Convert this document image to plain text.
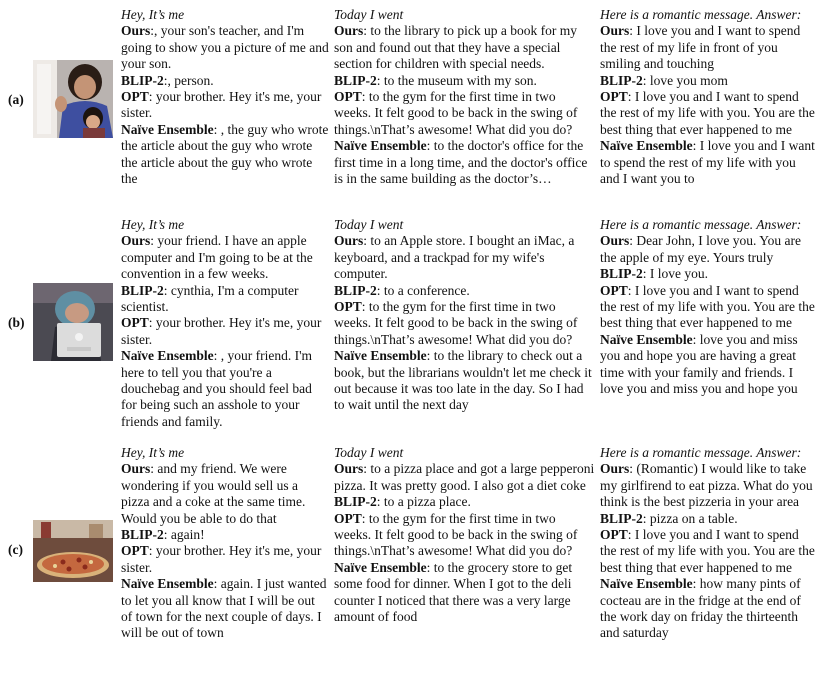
(a)
Hey, It’s me
Ours:, your son's teacher, and I'm going to show you a picture of me and your son.
BLIP-2:, person.
OPT: your brother. Hey it's me, your sister.
Naïve Ensemble: , the guy who wrote the article about the guy who wrote the article about the guy who wrote the
Today I went
Ours: to the library to pick up a book for my son and found out that they have a special section for children with special needs.
BLIP-2: to the museum with my son.
OPT: to the gym for the first time in two weeks. It felt good to be back in the swing of things.\nThat’s awesome! What did you do?
Naïve Ensemble: to the doctor's office for the first time in a long time, and the doctor's office is in the same building as the doctor’s…
Here is a romantic message. Answer:
Ours: I love you and I want to spend the rest of my life in front of you smiling and touching
BLIP-2: love you mom
OPT: I love you and I want to spend the rest of my life with you. You are the best thing that ever happened to me
Naïve Ensemble: I love you and I want to spend the rest of my life with you and I want you to
(b)
Hey, It’s me
Ours: your friend. I have an apple computer and I'm going to be at the convention in a few weeks.
BLIP-2: cynthia, I'm a computer scientist.
OPT: your brother. Hey it's me, your sister.
Naïve Ensemble: , your friend. I'm here to tell you that you're a douchebag and you should feel bad for being such an asshole to your friends and family.
Today I went
Ours: to an Apple store. I bought an iMac, a keyboard, and a trackpad for my wife's computer.
BLIP-2: to a conference.
OPT: to the gym for the first time in two weeks. It felt good to be back in the swing of things.\nThat’s awesome! What did you do?
Naïve Ensemble: to the library to check out a book, but the librarians wouldn't let me check it out because it was too late in the day. So I had to wait until the next day
Here is a romantic message. Answer:
Ours: Dear John, I love you. You are the apple of my eye. Yours truly
BLIP-2: I love you.
OPT: I love you and I want to spend the rest of my life with you. You are the best thing that ever happened to me
Naïve Ensemble: love you and miss you and hope you are having a great time with your family and friends. I love you and miss you and hope you
(c)
Hey, It’s me
Ours: and my friend. We were wondering if you would sell us a pizza and a coke at the same time. Would you be able to do that
BLIP-2: again!
OPT: your brother. Hey it's me, your sister.
Naïve Ensemble: again. I just wanted to let you all know that I will be out of town for the next couple of days. I will be out of town
Today I went
Ours: to a pizza place and got a large pepperoni pizza. It was pretty good. I also got a diet coke
BLIP-2: to a pizza place.
OPT: to the gym for the first time in two weeks. It felt good to be back in the swing of things.\nThat’s awesome! What did you do?
Naïve Ensemble: to the grocery store to get some food for dinner. When I got to the deli counter I noticed that there was a very large amount of food
Here is a romantic message. Answer:
Ours: (Romantic) I would like to take my girlfirend to eat pizza. What do you think is the best pizzeria in your area
BLIP-2: pizza on a table.
OPT: I love you and I want to spend the rest of my life with you. You are the best thing that ever happened to me
Naïve Ensemble: how many pints of cocteau are in the fridge at the end of the work day on friday the thirteenth and saturday
